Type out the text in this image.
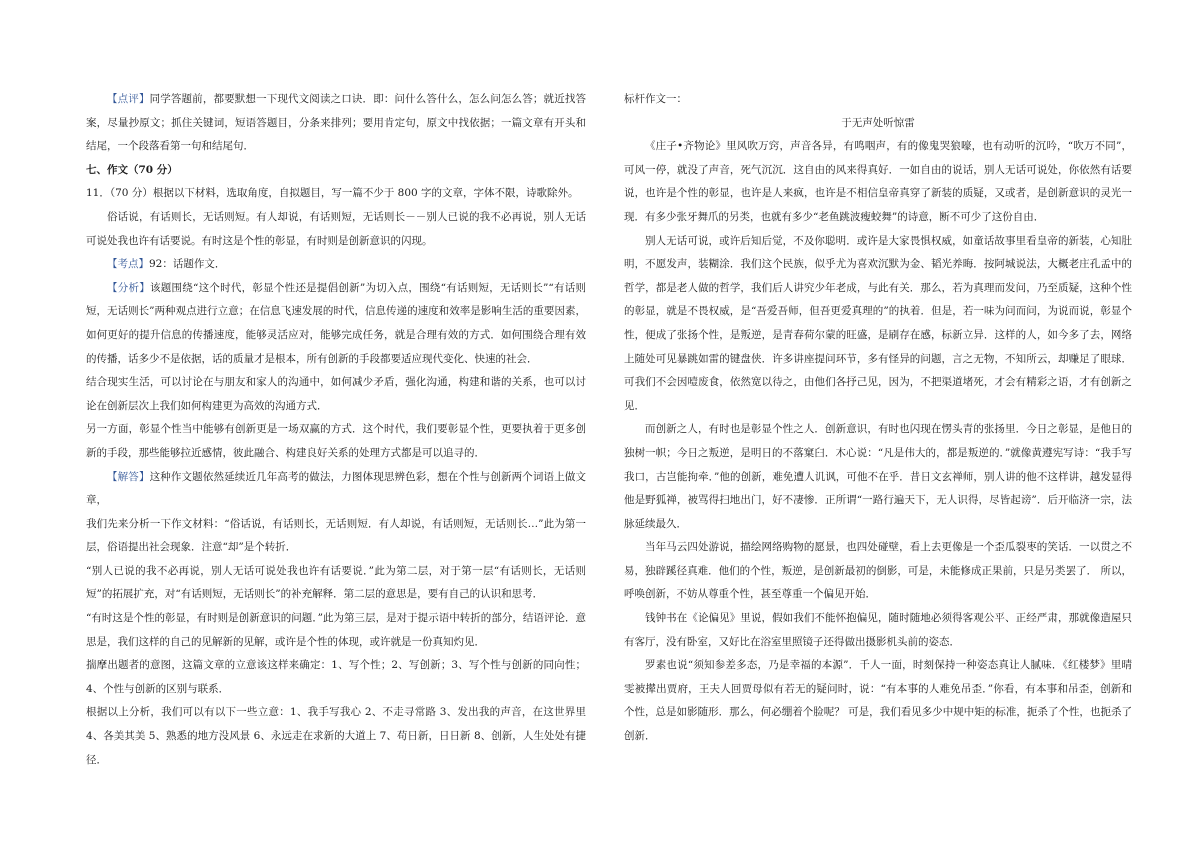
【点评】同学答题前，都要默想一下现代文阅读之口诀．即：问什么答什么，怎么问怎么答；就近找答案，尽量抄原文；抓住关键词，短语答题目，分条来排列；要用肯定句，原文中找依据；一篇文章有开头和结尾，一个段落看第一句和结尾句．

七、作文（70 分）

11．（70 分）根据以下材料，选取角度，自拟题目，写一篇不少于 800 字的文章，字体不限，诗歌除外。

俗话说，有话则长，无话则短。有人却说，有话则短，无话则长－－别人已说的我不必再说，别人无话可说处我也许有话要说。有时这是个性的彰显，有时则是创新意识的闪现。

【考点】92：话题作文．

【分析】该题围绕“这个时代，彰显个性还是提倡创新”为切入点，围绕“有话则短，无话则长”“有话则短，无话则长”两种观点进行立意；在信息飞速发展的时代，信息传递的速度和效率是影响生活的重要因素，如何更好的提升信息的传播速度，能够灵活应对，能够完成任务，就是合理有效的方式．如何围绕合理有效的传播，话多少不是依据，话的质量才是根本，所有创新的手段都要适应现代变化、快速的社会．

结合现实生活，可以讨论在与朋友和家人的沟通中，如何减少矛盾，强化沟通，构建和谐的关系，也可以讨论在创新层次上我们如何构建更为高效的沟通方式．

另一方面，彰显个性当中能够有创新更是一场双赢的方式．这个时代，我们要彰显个性，更要执着于更多创新的手段，那些能够拉近感情，彼此融合、构建良好关系的处理方式都是可以追寻的．

【解答】这种作文题依然延续近几年高考的做法，力图体现思辨色彩，想在个性与创新两个词语上做文章，

我们先来分析一下作文材料：“俗话说，有话则长，无话则短．有人却说，有话则短，无话则长…”此为第一层，俗语提出社会现象．注意“却”是个转折．

“别人已说的我不必再说，别人无话可说处我也许有话要说．”此为第二层，对于第一层“有话则长，无话则短”的拓展扩充，对“有话则短，无话则长”的补充解释．第二层的意思是，要有自己的认识和思考．

“有时这是个性的彰显，有时则是创新意识的问题．”此为第三层，是对于提示语中转折的部分，结语评论．意思是，我们这样的自己的见解新的见解，或许是个性的体现，或许就是一份真知灼见．

揣摩出题者的意图，这篇文章的立意该这样来确定：1、写个性；2、写创新；3、写个性与创新的同向性；4、个性与创新的区别与联系．

根据以上分析，我们可以有以下一些立意：1、我手写我心 2、不走寻常路 3、发出我的声音，在这世界里 4、各美其美 5、熟悉的地方没风景 6、永远走在求新的大道上 7、苟日新，日日新 8、创新，人生处处有捷径．

标杆作文一：

于无声处听惊雷

《庄子•齐物论》里风吹万窍，声音各异，有鸣咽声，有的像鬼哭狼嚎，也有动听的沉吟，“吹万不同”，可风一停，就没了声音，死气沉沉．这自由的风来得真好．一如自由的说话，别人无话可说处，你依然有话要说，也许是个性的彰显，也许是人来疯，也许是不相信皇帝真穿了新装的质疑，又或者，是创新意识的灵光一现．有多少张牙舞爪的另类，也就有多少“老鱼跳波瘦蛟舞”的诗意，断不可少了这份自由．

别人无话可说，或许后知后觉，不及你聪明．或许是大家畏惧权威，如童话故事里看皇帝的新装，心知肚明，不愿发声，装糊涂．我们这个民族，似乎尤为喜欢沉默为金、韬光养晦．按阿城说法，大概老庄孔孟中的哲学，都是老人做的哲学，我们后人讲究少年老成，与此有关．那么，若为真理而发问，乃至质疑，这种个性的彰显，就是不畏权威，是“吾爱吾师，但吾更爱真理的”的执着．但是，若一味为问而问，为说而说，彰显个性，便成了张扬个性，是叛逆，是青春荷尔蒙的旺盛，是刷存在感，标新立异．这样的人，如今多了去，网络上随处可见暴跳如雷的键盘侠．许多讲座提问环节，多有怪异的问题，言之无物，不知所云，却赚足了眼球．可我们不会因噎废食，依然宽以待之，由他们各抒己见，因为，不把渠道堵死，才会有精彩之语，才有创新之见．

而创新之人，有时也是彰显个性之人．创新意识，有时也闪现在愣头青的张扬里．今日之彰显，是他日的独树一帜；今日之叛逆，是明日的不落窠臼．木心说：“凡是伟大的，都是叛逆的．”就像黄遵宪写诗：“我手写我口，古岂能拘牵．”他的创新，难免遭人讥讽，可他不在乎．昔日文玄禅师，别人讲的他不这样讲，越发显得他是野狐禅，被骂得扫地出门，好不凄惨．正所谓“一路行遍天下，无人识得，尽皆起谤”．后开临济一宗，法脉延续最久．

当年马云四处游说，描绘网络购物的愿景，也四处碰壁，看上去更像是一个歪瓜裂枣的笑话．一以贯之不易，独辟蹊径真难．他们的个性，叛逆，是创新最初的倒影，可是，未能修成正果前，只是另类罢了． 所以，呼唤创新，不妨从尊重个性，甚至尊重一个偏见开始．

钱钟书在《论偏见》里说，假如我们不能怀抱偏见，随时随地必须得客观公平、正经严肃，那就像造屋只有客厅，没有卧室，又好比在浴室里照镜子还得做出摄影机头前的姿态．

罗素也说“须知参差多态，乃是幸福的本源”．千人一面，时刻保持一种姿态真让人腻味．《红楼梦》里晴雯被撵出贾府，王夫人回贾母似有若无的疑问时，说：“有本事的人难免吊歪．”你看，有本事和吊歪，创新和个性，总是如影随形．那么，何必绷着个脸呢？ 可是，我们看见多少中规中矩的标准，扼杀了个性，也扼杀了创新．
